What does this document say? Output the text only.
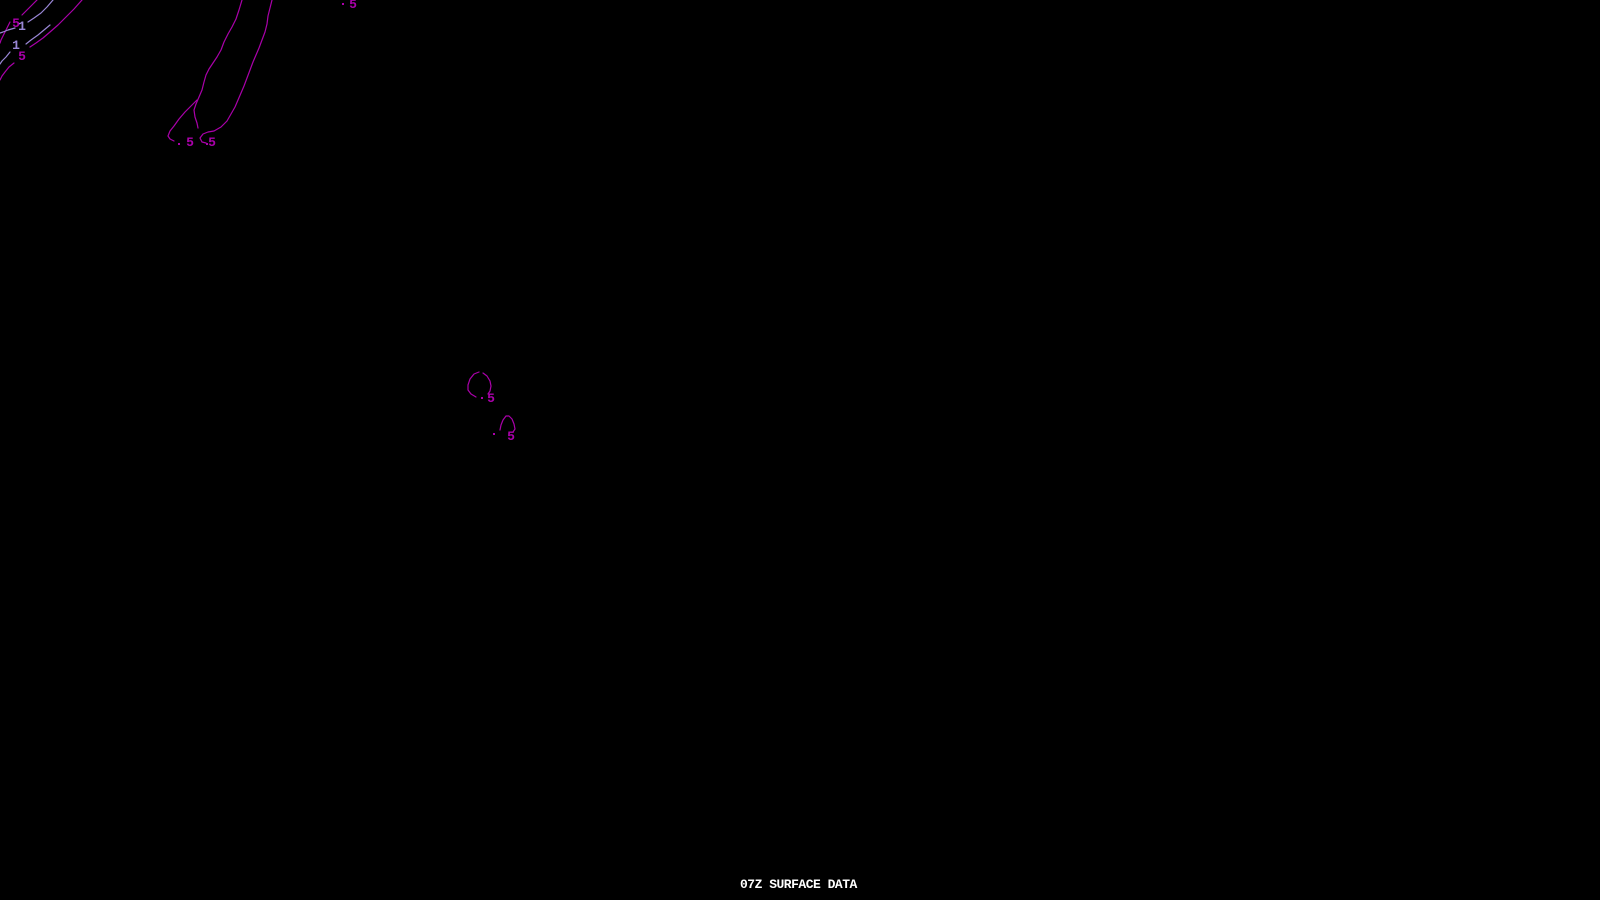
5
1
1
5
5 5
5
5
5
07Z SURFACE DATA
